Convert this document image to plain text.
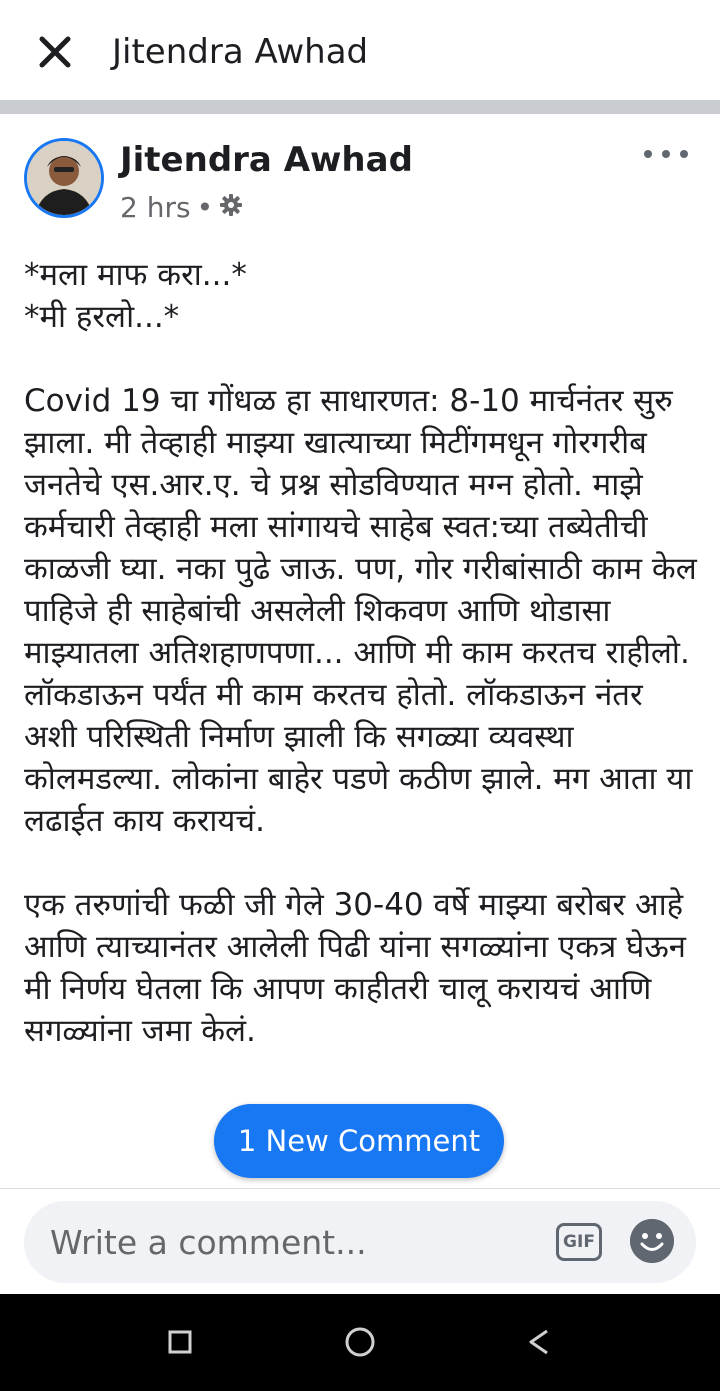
Jitendra Awhad
Jitendra Awhad
2 hrs •

*मला माफ करा...*
*मी हरलो...*

Covid 19 चा गोंधळ हा साधारणत: 8-10 मार्चनंतर सुरु झाला. मी तेव्हाही माझ्या खात्याच्या मिटींगमधून गोरगरीब जनतेचे एस.आर.ए. चे प्रश्न सोडविण्यात मग्न होतो. माझे कर्मचारी तेव्हाही मला सांगायचे साहेब स्वत:च्या तब्येतीची काळजी घ्या. नका पुढे जाऊ. पण, गोर गरीबांसाठी काम केल पाहिजे ही साहेबांची असलेली शिकवण आणि थोडासा माझ्यातला अतिशहाणपणा... आणि मी काम करतच राहीलो. लॉकडाऊन पर्यंत मी काम करतच होतो. लॉकडाऊन नंतर अशी परिस्थिती निर्माण झाली कि सगळ्या व्यवस्था कोलमडल्या. लोकांना बाहेर पडणे कठीण झाले. मग आता या लढाईत काय करायचं.

एक तरुणांची फळी जी गेले 30-40 वर्षे माझ्या बरोबर आहे आणि त्याच्यानंतर आलेली पिढी यांना सगळ्यांना एकत्र घेऊन मी निर्णय घेतला कि आपण काहीतरी चालू करायचं आणि सगळ्यांना जमा केलं.

1 New Comment
Write a comment...
GIF
